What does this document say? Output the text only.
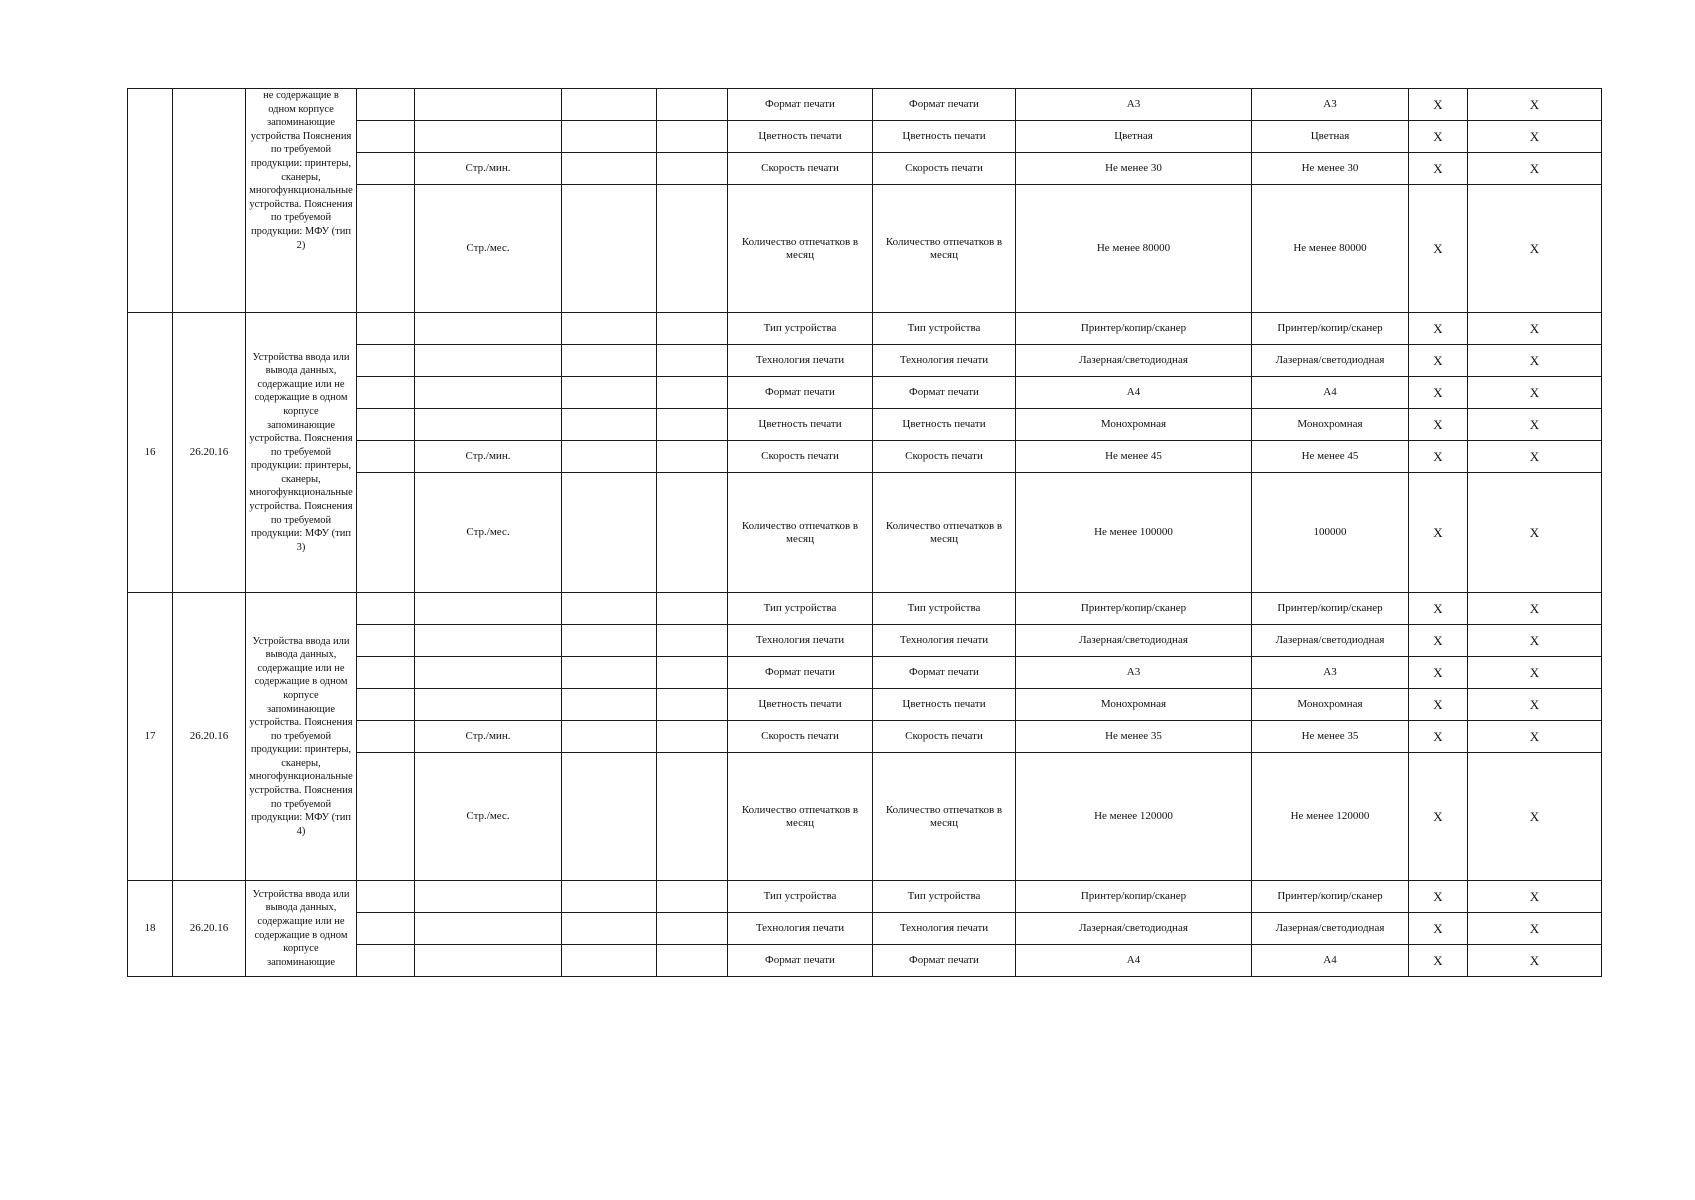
		не содержащие в одном корпусе запоминающие устройства Пояснения по требуемой продукции: принтеры, сканеры, многофункциональные устройства. Пояснения по требуемой продукции: МФУ (тип 2)					Формат печати	Формат печати	А3	А3	X	X
							Цветность печати	Цветность печати	Цветная	Цветная	X	X
				Стр./мин.			Скорость печати	Скорость печати	Не менее 30	Не менее 30	X	X
				Стр./мес.			Количество отпечатков в месяц	Количество отпечатков в месяц	Не менее 80000	Не менее 80000	X	X
16	26.20.16	Устройства ввода или вывода данных, содержащие или не содержащие в одном корпусе запоминающие устройства. Пояснения по требуемой продукции: принтеры, сканеры, многофункциональные устройства. Пояснения по требуемой продукции: МФУ (тип 3)					Тип устройства	Тип устройства	Принтер/копир/сканер	Принтер/копир/сканер	X	X
							Технология печати	Технология печати	Лазерная/светодиодная	Лазерная/светодиодная	X	X
							Формат печати	Формат печати	А4	А4	X	X
							Цветность печати	Цветность печати	Монохромная	Монохромная	X	X
				Стр./мин.			Скорость печати	Скорость печати	Не менее 45	Не менее 45	X	X
				Стр./мес.			Количество отпечатков в месяц	Количество отпечатков в месяц	Не менее 100000	100000	X	X
17	26.20.16	Устройства ввода или вывода данных, содержащие или не содержащие в одном корпусе запоминающие устройства. Пояснения по требуемой продукции: принтеры, сканеры, многофункциональные устройства. Пояснения по требуемой продукции: МФУ (тип 4)					Тип устройства	Тип устройства	Принтер/копир/сканер	Принтер/копир/сканер	X	X
							Технология печати	Технология печати	Лазерная/светодиодная	Лазерная/светодиодная	X	X
							Формат печати	Формат печати	А3	А3	X	X
							Цветность печати	Цветность печати	Монохромная	Монохромная	X	X
				Стр./мин.			Скорость печати	Скорость печати	Не менее 35	Не менее 35	X	X
				Стр./мес.			Количество отпечатков в месяц	Количество отпечатков в месяц	Не менее 120000	Не менее 120000	X	X
18	26.20.16	Устройства ввода или вывода данных, содержащие или не содержащие в одном корпусе запоминающие					Тип устройства	Тип устройства	Принтер/копир/сканер	Принтер/копир/сканер	X	X
							Технология печати	Технология печати	Лазерная/светодиодная	Лазерная/светодиодная	X	X
							Формат печати	Формат печати	А4	А4	X	X
